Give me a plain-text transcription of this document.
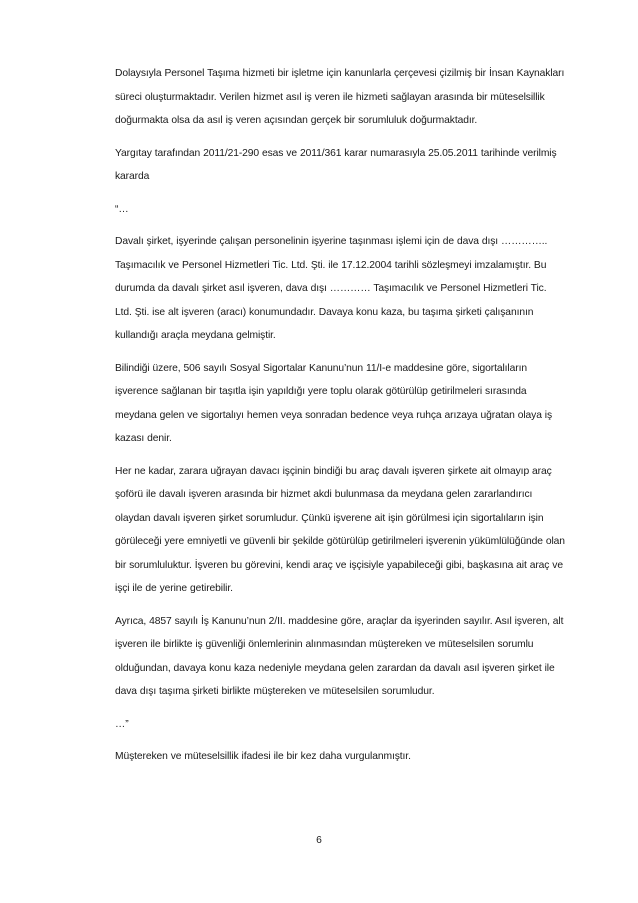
Dolaysıyla Personel Taşıma hizmeti bir işletme için kanunlarla çerçevesi çizilmiş bir İnsan Kaynakları süreci oluşturmaktadır. Verilen hizmet asıl iş veren ile hizmeti sağlayan arasında bir müteselsillik doğurmakta olsa da asıl iş veren açısından gerçek bir sorumluluk doğurmaktadır.

Yargıtay tarafından 2011/21-290 esas ve 2011/361 karar numarasıyla 25.05.2011 tarihinde verilmiş kararda

“…

Davalı şirket, işyerinde çalışan personelinin işyerine taşınması işlemi için de dava dışı ………….. Taşımacılık ve Personel Hizmetleri Tic. Ltd. Şti. ile 17.12.2004 tarihli sözleşmeyi imzalamıştır. Bu durumda da davalı şirket asıl işveren, dava dışı ………… Taşımacılık ve Personel Hizmetleri Tic. Ltd. Şti. ise alt işveren (aracı) konumundadır. Davaya konu kaza, bu taşıma şirketi çalışanının kullandığı araçla meydana gelmiştir.

Bilindiği üzere, 506 sayılı Sosyal Sigortalar Kanunu’nun 11/I-e maddesine göre, sigortalıların işverence sağlanan bir taşıtla işin yapıldığı yere toplu olarak götürülüp getirilmeleri sırasında meydana gelen ve sigortalıyı hemen veya sonradan bedence veya ruhça arızaya uğratan olaya iş kazası denir.

Her ne kadar, zarara uğrayan davacı işçinin bindiği bu araç davalı işveren şirkete ait olmayıp araç şoförü ile davalı işveren arasında bir hizmet akdi bulunmasa da meydana gelen zararlandırıcı olaydan davalı işveren şirket sorumludur. Çünkü işverene ait işin görülmesi için sigortalıların işin görüleceği yere emniyetli ve güvenli bir şekilde götürülüp getirilmeleri işverenin yükümlülüğünde olan bir sorumluluktur. İşveren bu görevini, kendi araç ve işçisiyle yapabileceği gibi, başkasına ait araç ve işçi ile de yerine getirebilir.

Ayrıca, 4857 sayılı İş Kanunu’nun 2/II. maddesine göre, araçlar da işyerinden sayılır. Asıl işveren, alt işveren ile birlikte iş güvenliği önlemlerinin alınmasından müştereken ve müteselsilen sorumlu olduğundan, davaya konu kaza nedeniyle meydana gelen zarardan da davalı asıl işveren şirket ile dava dışı taşıma şirketi birlikte müştereken ve müteselsilen sorumludur.

…”

Müştereken ve müteselsillik ifadesi ile bir kez daha vurgulanmıştır.

6
